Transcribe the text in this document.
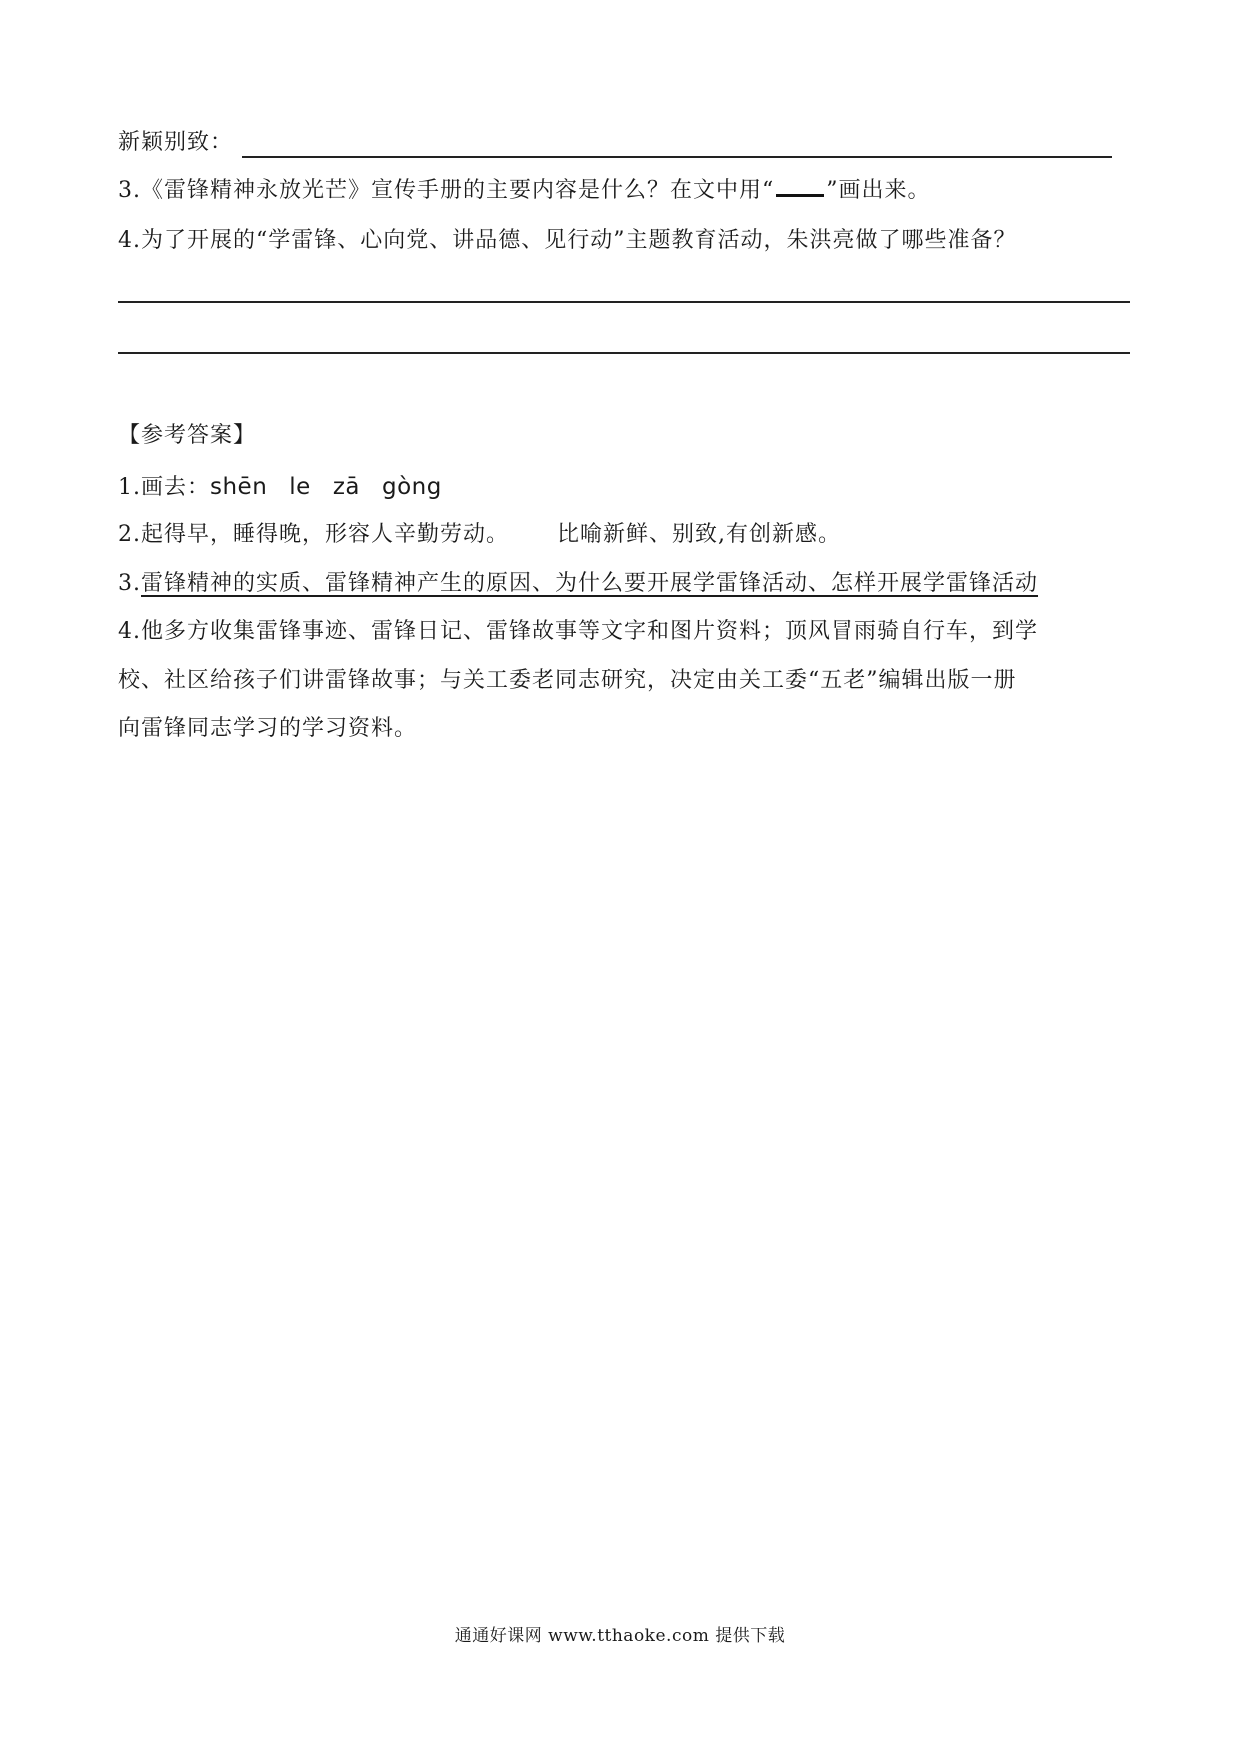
新颖别致：
3.《雷锋精神永放光芒》宣传手册的主要内容是什么？在文中用“ ”画出来。
4.为了开展的“学雷锋、心向党、讲品德、见行动”主题教育活动，朱洪亮做了哪些准备？
【参考答案】
1.画去：shēn le zā gòng
2.起得早，睡得晚，形容人辛勤劳动。 比喻新鲜、别致,有创新感。
3.雷锋精神的实质、雷锋精神产生的原因、为什么要开展学雷锋活动、怎样开展学雷锋活动
4.他多方收集雷锋事迹、雷锋日记、雷锋故事等文字和图片资料；顶风冒雨骑自行车，到学
校、社区给孩子们讲雷锋故事；与关工委老同志研究，决定由关工委“五老”编辑出版一册
向雷锋同志学习的学习资料。
通通好课网 www.tthaoke.com 提供下载
